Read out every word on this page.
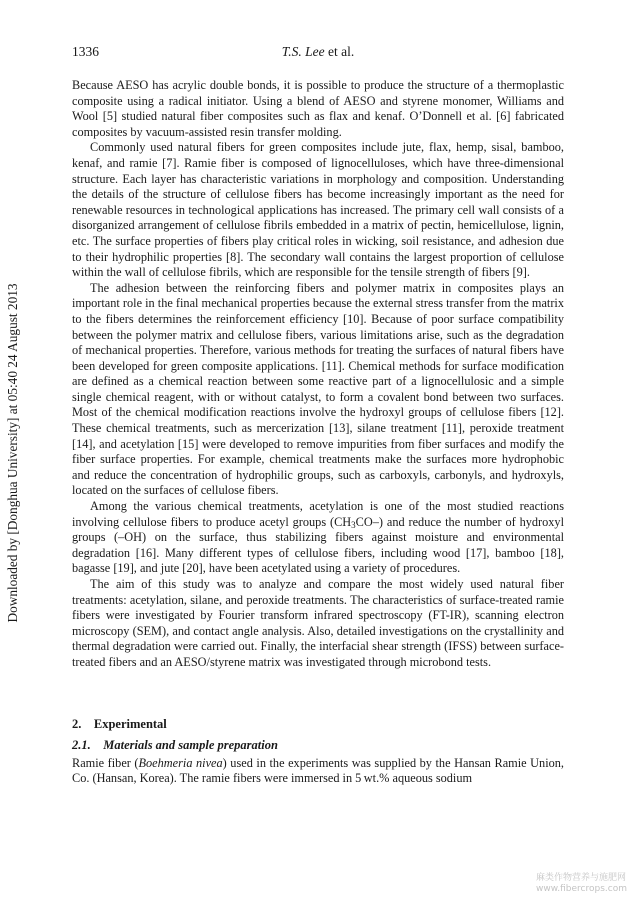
1336	T.S. Lee et al.
Downloaded by [Donghua University] at 05:40 24 August 2013

Because AESO has acrylic double bonds, it is possible to produce the structure of a thermoplastic composite using a radical initiator. Using a blend of AESO and styrene monomer, Williams and Wool [5] studied natural fiber composites such as flax and kenaf. O’Donnell et al. [6] fabricated composites by vacuum-assisted resin transfer molding.

Commonly used natural fibers for green composites include jute, flax, hemp, sisal, bamboo, kenaf, and ramie [7]. Ramie fiber is composed of lignocelluloses, which have three-dimensional structure. Each layer has characteristic variations in morphology and composition. Understanding the details of the structure of cellulose fibers has become increasingly important as the need for renewable resources in technological applications has increased. The primary cell wall consists of a disorganized arrangement of cellulose fibrils embedded in a matrix of pectin, hemicellulose, lignin, etc. The surface properties of fibers play critical roles in wicking, soil resistance, and adhesion due to their hydrophilic properties [8]. The secondary wall contains the largest proportion of cellulose within the wall of cellulose fibrils, which are responsible for the tensile strength of fibers [9].

The adhesion between the reinforcing fibers and polymer matrix in composites plays an important role in the final mechanical properties because the external stress transfer from the matrix to the fibers determines the reinforcement efficiency [10]. Because of poor surface compatibility between the polymer matrix and cellulose fibers, various limitations arise, such as the degradation of mechanical properties. Therefore, various methods for treating the surfaces of natural fibers have been developed for green composite applications. [11]. Chemical methods for surface modification are defined as a chemical reaction between some reactive part of a lignocellulosic and a simple single chemical reagent, with or without catalyst, to form a covalent bond between two surfaces. Most of the chemical modification reactions involve the hydroxyl groups of cellulose fibers [12]. These chemical treatments, such as mercerization [13], silane treatment [11], peroxide treatment [14], and acetylation [15] were developed to remove impurities from fiber surfaces and modify the fiber surface properties. For example, chemical treatments make the surfaces more hydrophobic and reduce the concentration of hydrophilic groups, such as carboxyls, carbonyls, and hydroxyls, located on the surfaces of cellulose fibers.

Among the various chemical treatments, acetylation is one of the most studied reactions involving cellulose fibers to produce acetyl groups $(CH_3CO-)$ and reduce the number of hydroxyl groups (–OH) on the surface, thus stabilizing fibers against moisture and environmental degradation [16]. Many different types of cellulose fibers, including wood [17], bamboo [18], bagasse [19], and jute [20], have been acetylated using a variety of procedures.

The aim of this study was to analyze and compare the most widely used natural fiber treatments: acetylation, silane, and peroxide treatments. The characteristics of surface-treated ramie fibers were investigated by Fourier transform infrared spectroscopy (FT-IR), scanning electron microscopy (SEM), and contact angle analysis. Also, detailed investigations on the crystallinity and thermal degradation were carried out. Finally, the interfacial shear strength (IFSS) between surface-treated fibers and an AESO/styrene matrix was investigated through microbond tests.

2. Experimental
2.1. Materials and sample preparation

Ramie fiber (Boehmeria nivea) used in the experiments was supplied by the Hansan Ramie Union, Co. (Hansan, Korea). The ramie fibers were immersed in 5 wt.% aqueous sodium

麻类作物营养与施肥网
www.fibercrops.com
